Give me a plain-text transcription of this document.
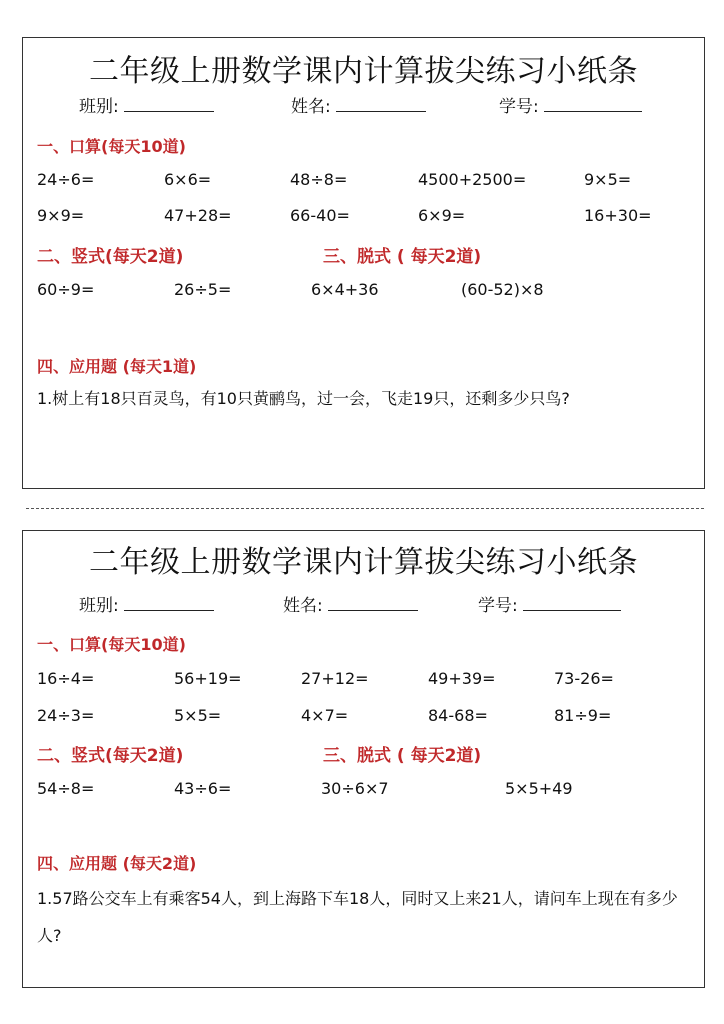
二年级上册数学课内计算拔尖练习小纸条
班别:	姓名:	学号:
一、口算(每天10道)
24÷6=	6×6=	48÷8=	4500+2500=	9×5=
9×9=	47+28=	66-40=	6×9=	16+30=
二、竖式(每天2道)	三、脱式 ( 每天2道)
60÷9=	26÷5=	6×4+36	(60-52)×8
四、应用题 (每天1道)
1.树上有18只百灵鸟，有10只黄鹂鸟，过一会，飞走19只，还剩多少只鸟?
二年级上册数学课内计算拔尖练习小纸条
班别:	姓名:	学号:
一、口算(每天10道)
16÷4=	56+19=	27+12=	49+39=	73-26=
24÷3=	5×5=	4×7=	84-68=	81÷9=
二、竖式(每天2道)	三、脱式 ( 每天2道)
54÷8=	43÷6=	30÷6×7	5×5+49
四、应用题 (每天2道)
1.57路公交车上有乘客54人，到上海路下车18人，同时又上来21人，请问车上现在有多少人?
